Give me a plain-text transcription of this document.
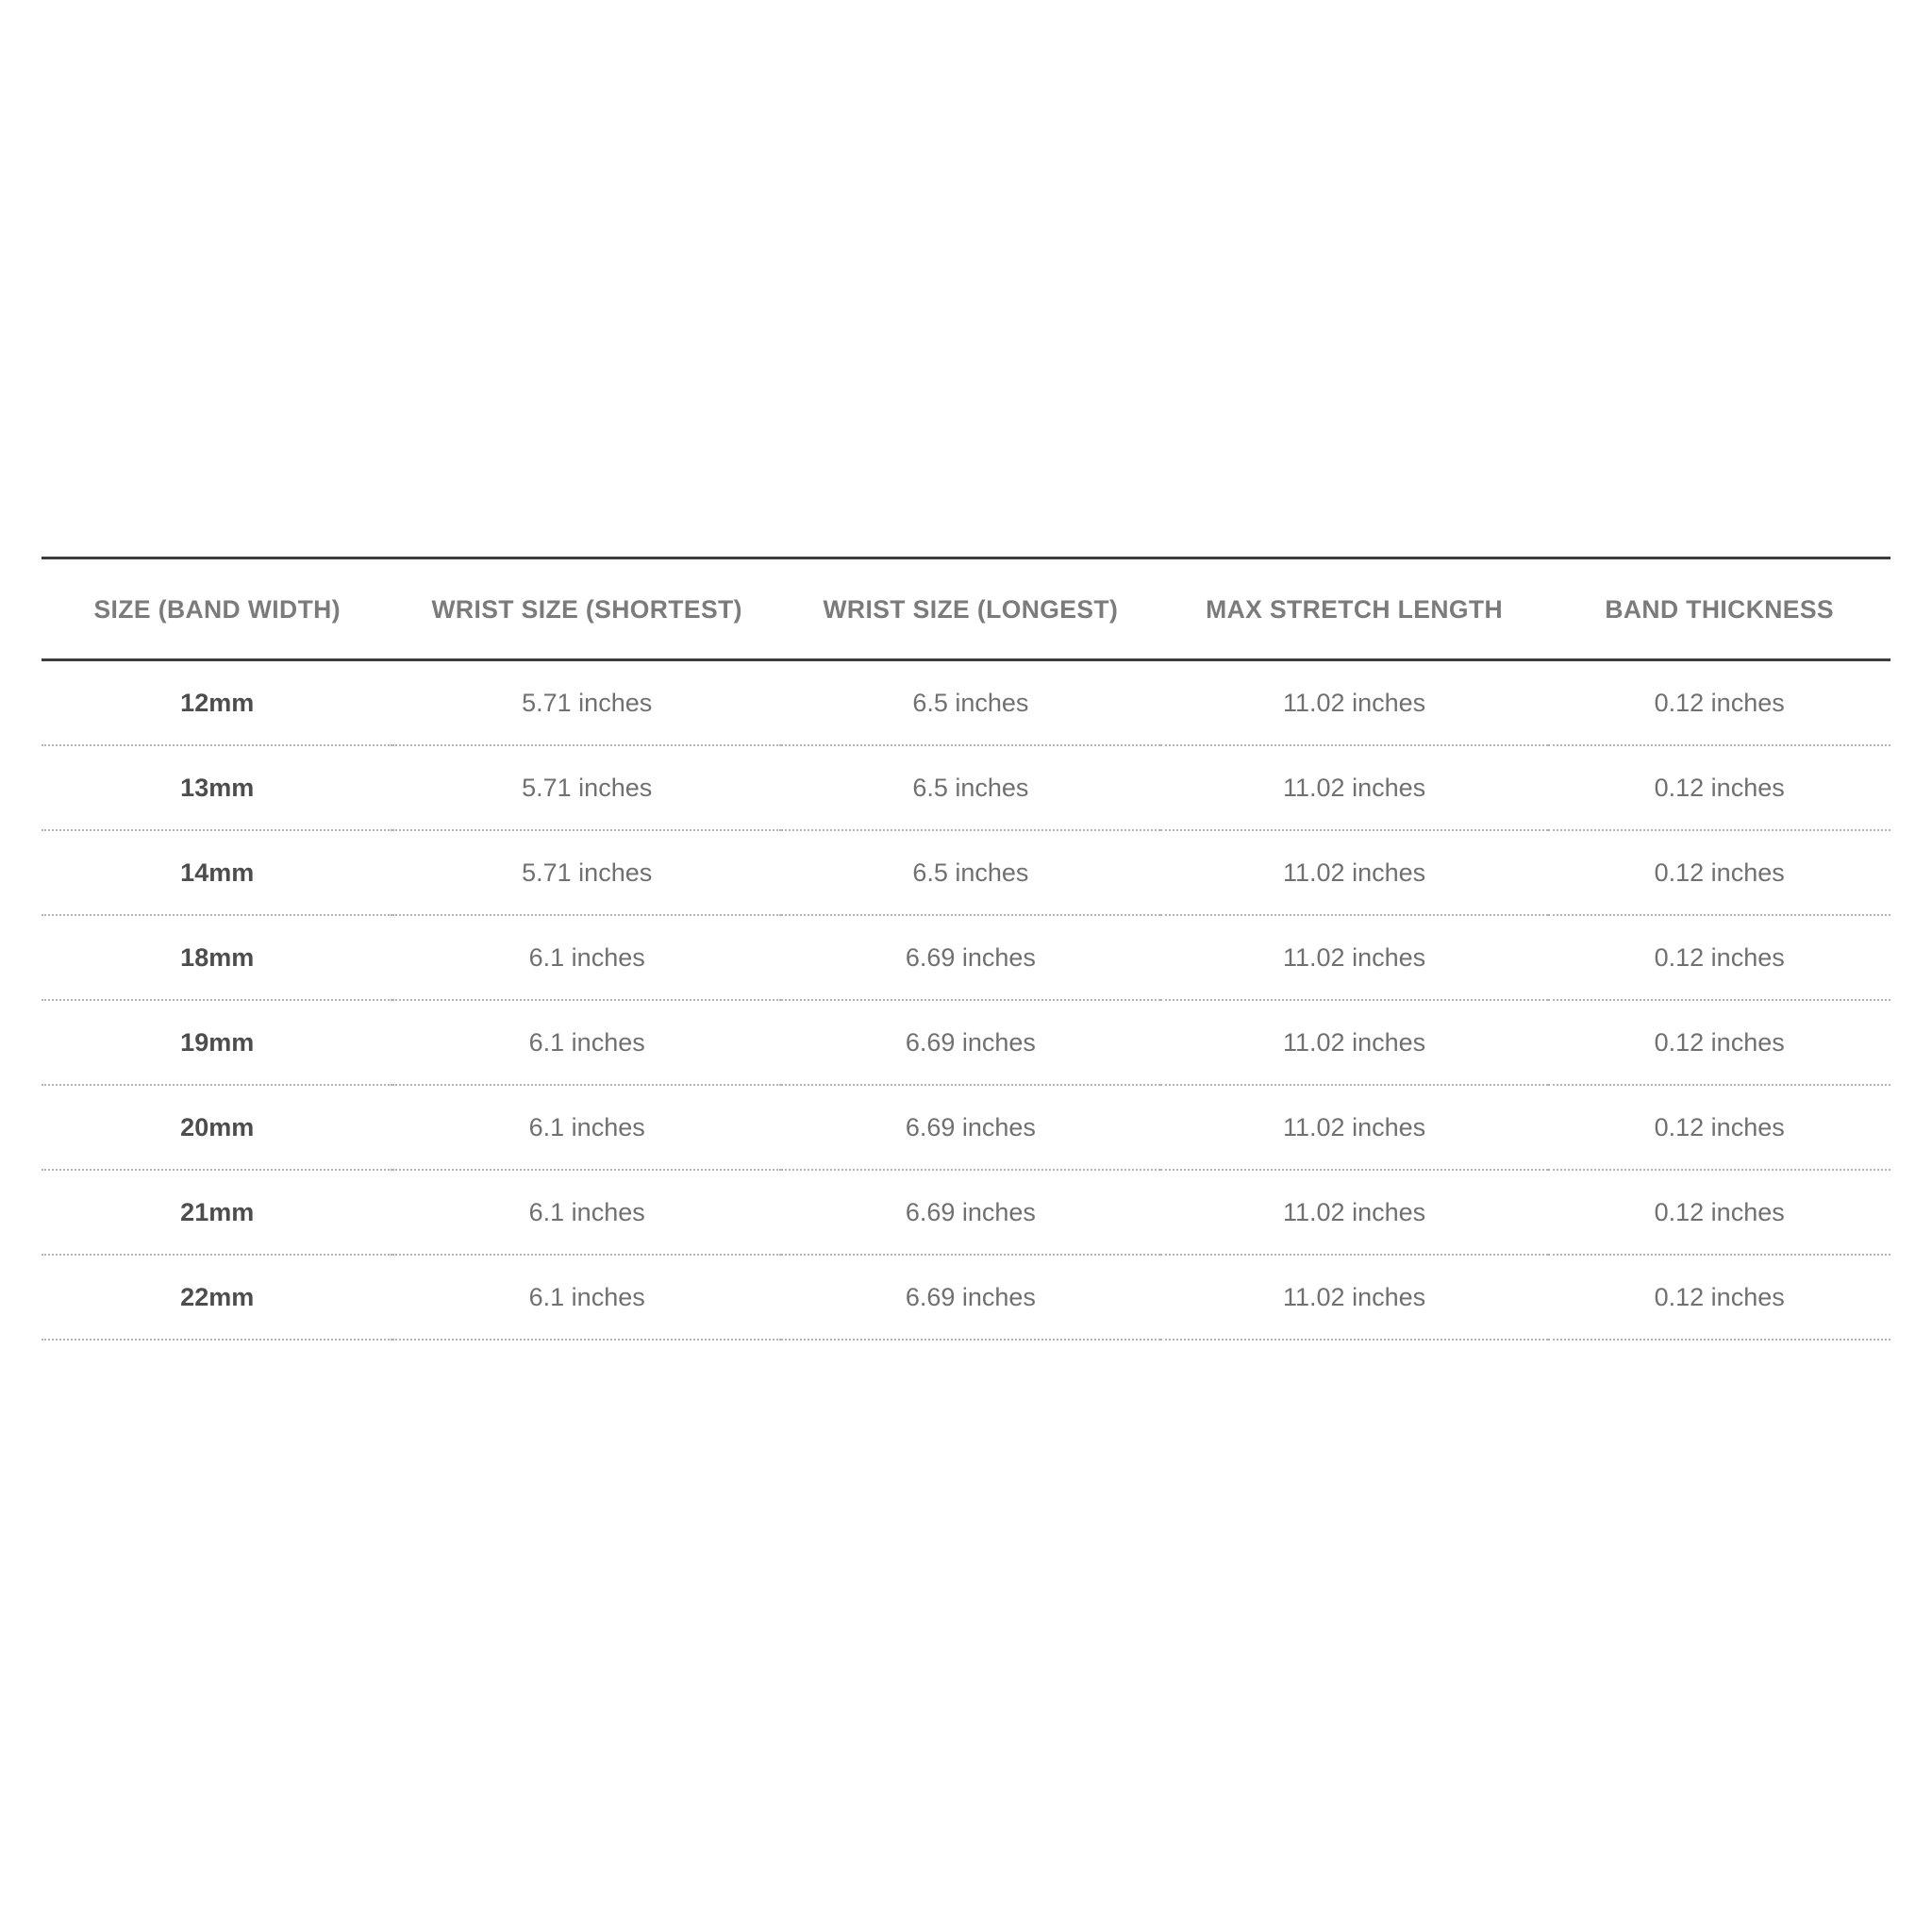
SIZE (BAND WIDTH)	WRIST SIZE (SHORTEST)	WRIST SIZE (LONGEST)	MAX STRETCH LENGTH	BAND THICKNESS
12mm	5.71 inches	6.5 inches	11.02 inches	0.12 inches
13mm	5.71 inches	6.5 inches	11.02 inches	0.12 inches
14mm	5.71 inches	6.5 inches	11.02 inches	0.12 inches
18mm	6.1 inches	6.69 inches	11.02 inches	0.12 inches
19mm	6.1 inches	6.69 inches	11.02 inches	0.12 inches
20mm	6.1 inches	6.69 inches	11.02 inches	0.12 inches
21mm	6.1 inches	6.69 inches	11.02 inches	0.12 inches
22mm	6.1 inches	6.69 inches	11.02 inches	0.12 inches
